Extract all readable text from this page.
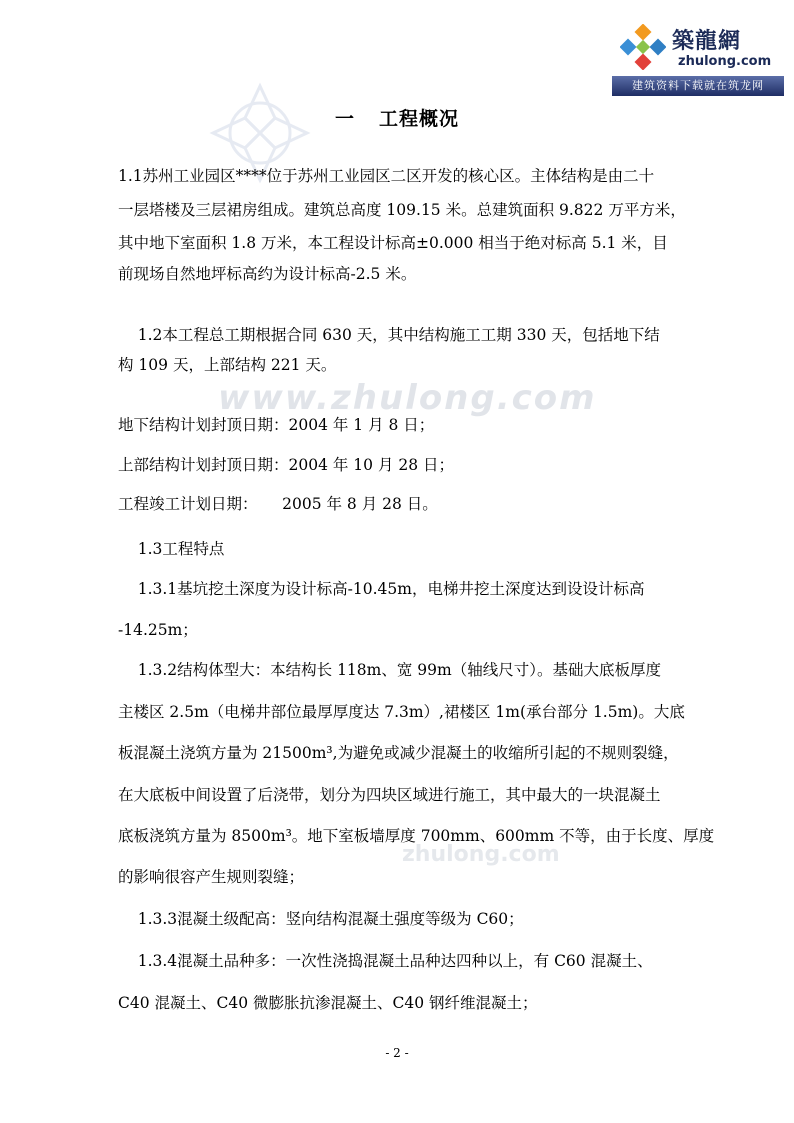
築龍網
zhulong.com
建筑资料下载就在筑龙网
www.zhulong.com
zhulong.com
一 工程概况
1.1苏州工业园区****位于苏州工业园区二区开发的核心区。主体结构是由二十
一层塔楼及三层裙房组成。建筑总高度 109.15 米。总建筑面积 9.822 万平方米，
其中地下室面积 1.8 万米，本工程设计标高±0.000 相当于绝对标高 5.1 米，目
前现场自然地坪标高约为设计标高-2.5 米。
1.2本工程总工期根据合同 630 天，其中结构施工工期 330 天，包括地下结
构 109 天，上部结构 221 天。
地下结构计划封顶日期：2004 年 1 月 8 日；
上部结构计划封顶日期：2004 年 10 月 28 日；
工程竣工计划日期：     2005 年 8 月 28 日。
1.3工程特点
1.3.1基坑挖土深度为设计标高-10.45m，电梯井挖土深度达到设设计标高
-14.25m；
1.3.2结构体型大：本结构长 118m、宽 99m（轴线尺寸）。基础大底板厚度
主楼区 2.5m（电梯井部位最厚厚度达 7.3m）,裙楼区 1m(承台部分 1.5m)。大底
板混凝土浇筑方量为 21500m³,为避免或减少混凝土的收缩所引起的不规则裂缝，
在大底板中间设置了后浇带，划分为四块区域进行施工，其中最大的一块混凝土
底板浇筑方量为 8500m³。地下室板墙厚度 700mm、600mm 不等，由于长度、厚度
的影响很容产生规则裂缝；
1.3.3混凝土级配高：竖向结构混凝土强度等级为 C60；
1.3.4混凝土品种多：一次性浇捣混凝土品种达四种以上，有 C60 混凝土、
C40 混凝土、C40 微膨胀抗渗混凝土、C40 钢纤维混凝土；
- 2 -
